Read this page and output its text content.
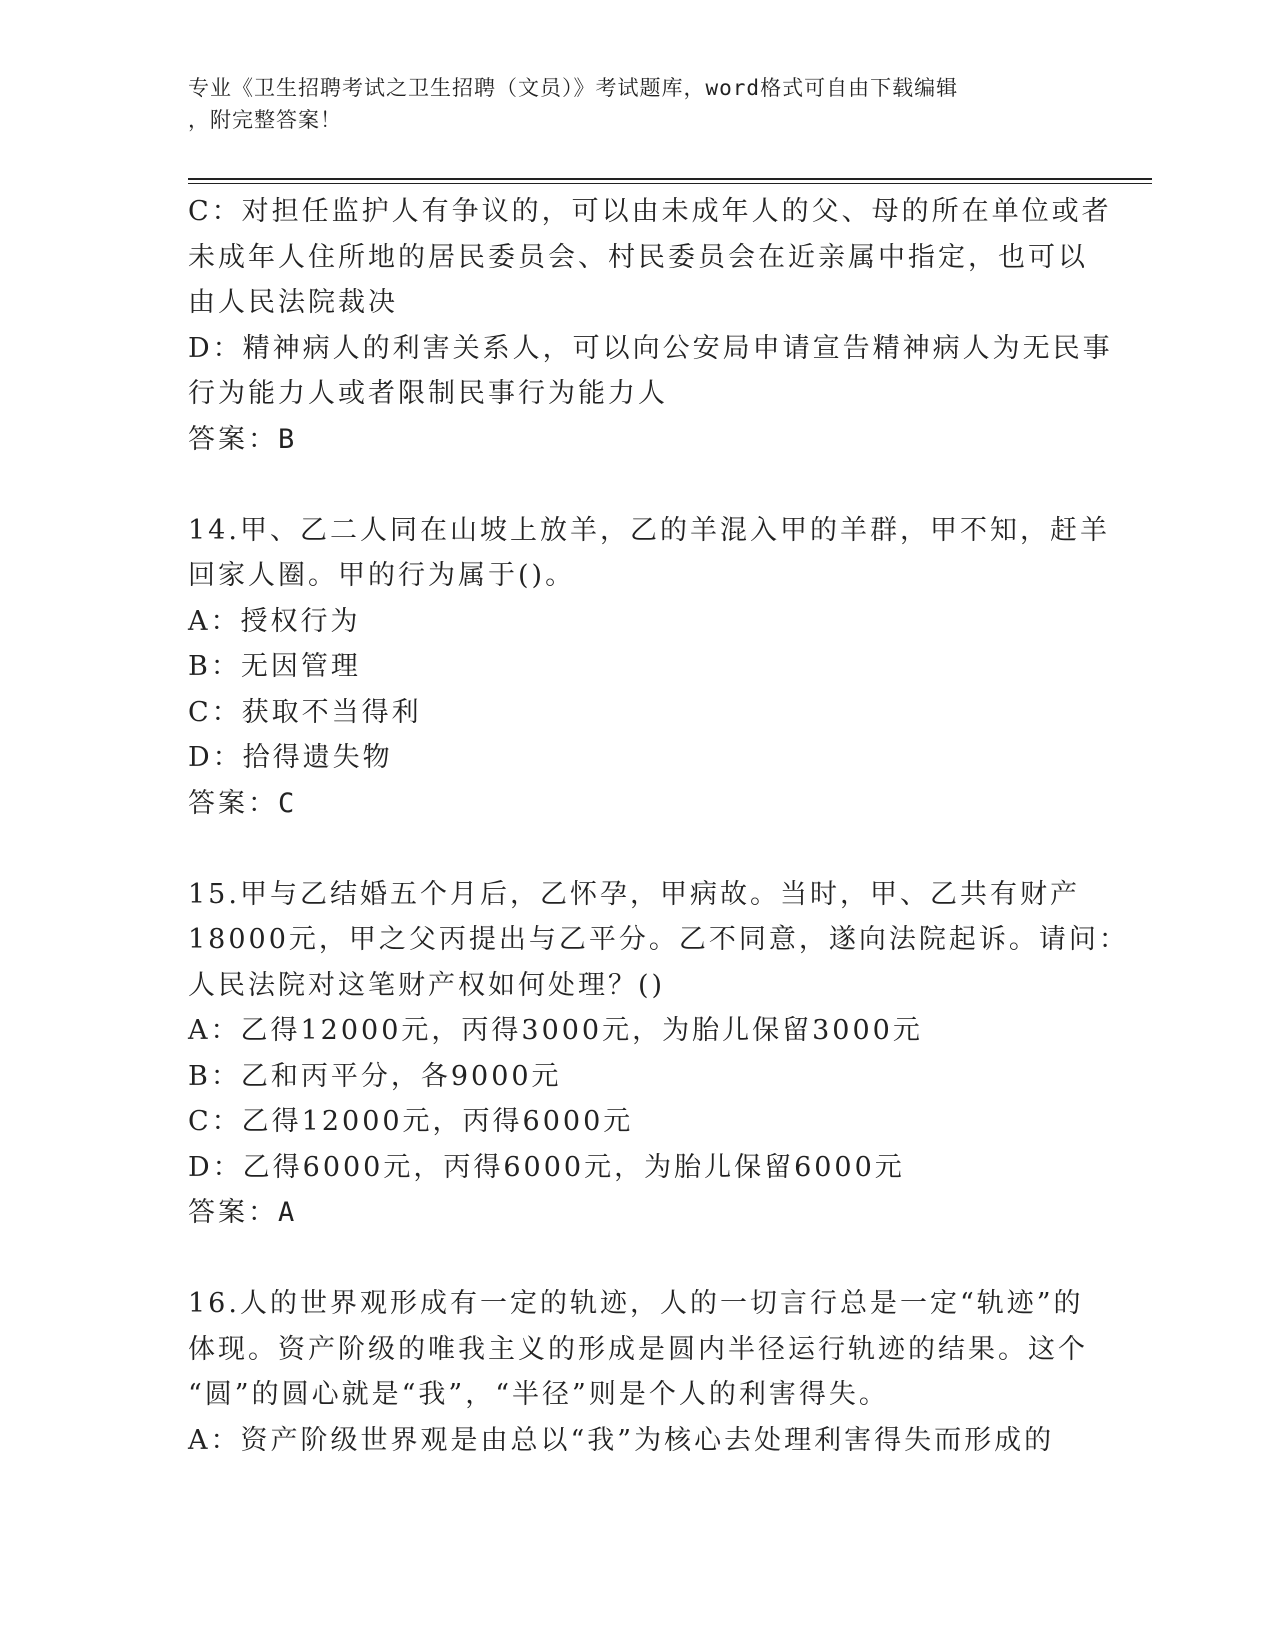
专业《卫生招聘考试之卫生招聘（文员）》考试题库，word格式可自由下载编辑
，附完整答案！
C：对担任监护人有争议的，可以由未成年人的父、母的所在单位或者
未成年人住所地的居民委员会、村民委员会在近亲属中指定，也可以
由人民法院裁决
D：精神病人的利害关系人，可以向公安局申请宣告精神病人为无民事
行为能力人或者限制民事行为能力人
答案：B
14.甲、乙二人同在山坡上放羊，乙的羊混入甲的羊群，甲不知，赶羊
回家人圈。甲的行为属于()。
A：授权行为
B：无因管理
C：获取不当得利
D：拾得遗失物
答案：C
15.甲与乙结婚五个月后，乙怀孕，甲病故。当时，甲、乙共有财产
18000元，甲之父丙提出与乙平分。乙不同意，遂向法院起诉。请问：
人民法院对这笔财产权如何处理？()
A：乙得12000元，丙得3000元，为胎儿保留3000元
B：乙和丙平分，各9000元
C：乙得12000元，丙得6000元
D：乙得6000元，丙得6000元，为胎儿保留6000元
答案：A
16.人的世界观形成有一定的轨迹，人的一切言行总是一定“轨迹”的
体现。资产阶级的唯我主义的形成是圆内半径运行轨迹的结果。这个
“圆”的圆心就是“我”，“半径”则是个人的利害得失。
A：资产阶级世界观是由总以“我”为核心去处理利害得失而形成的
